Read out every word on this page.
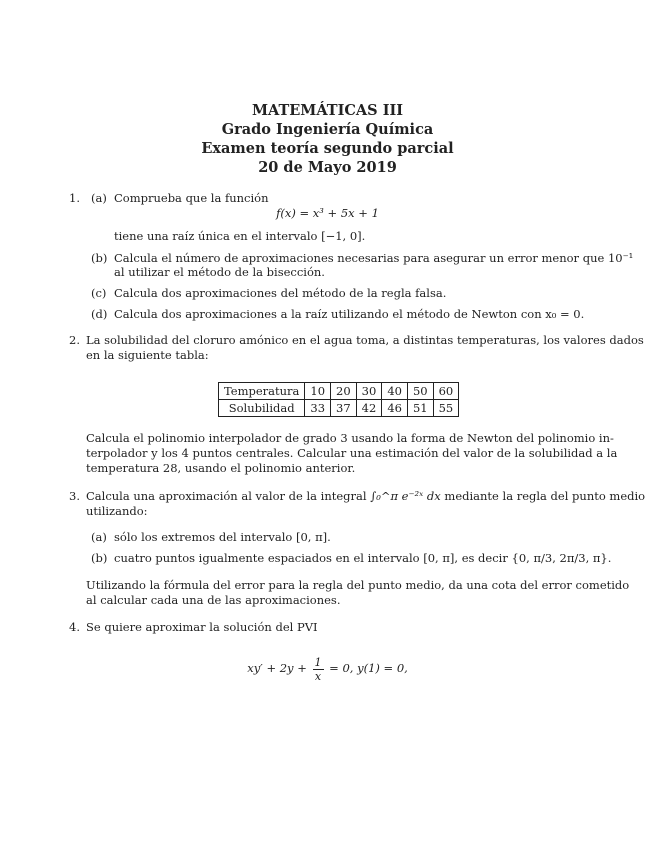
MATEMÁTICAS III
Grado Ingeniería Química
Examen teoría segundo parcial
20 de Mayo 2019
1. (a) Comprueba que la función
f(x) = x³ + 5x + 1
tiene una raíz única en el intervalo [−1, 0].
(b) Calcula el número de aproximaciones necesarias para asegurar un error menor que 10⁻¹
al utilizar el método de la bisección.
(c) Calcula dos aproximaciones del método de la regla falsa.
(d) Calcula dos aproximaciones a la raíz utilizando el método de Newton con x₀ = 0.
2. La solubilidad del cloruro amónico en el agua toma, a distintas temperaturas, los valores dados
en la siguiente tabla:
Temperatura	10	20	30	40	50	60
Solubilidad	33	37	42	46	51	55
Calcula el polinomio interpolador de grado 3 usando la forma de Newton del polinomio in-
terpolador y los 4 puntos centrales. Calcular una estimación del valor de la solubilidad a la
temperatura 28, usando el polinomio anterior.
3. Calcula una aproximación al valor de la integral ∫₀^π e⁻²ˣ dx mediante la regla del punto medio
utilizando:
(a) sólo los extremos del intervalo [0, π].
(b) cuatro puntos igualmente espaciados en el intervalo [0, π], es decir {0, π/3, 2π/3, π}.
Utilizando la fórmula del error para la regla del punto medio, da una cota del error cometido
al calcular cada una de las aproximaciones.
4. Se quiere aproximar la solución del PVI
$xy' + 2y + \frac{1}{x} = 0$, y(1) = 0,
